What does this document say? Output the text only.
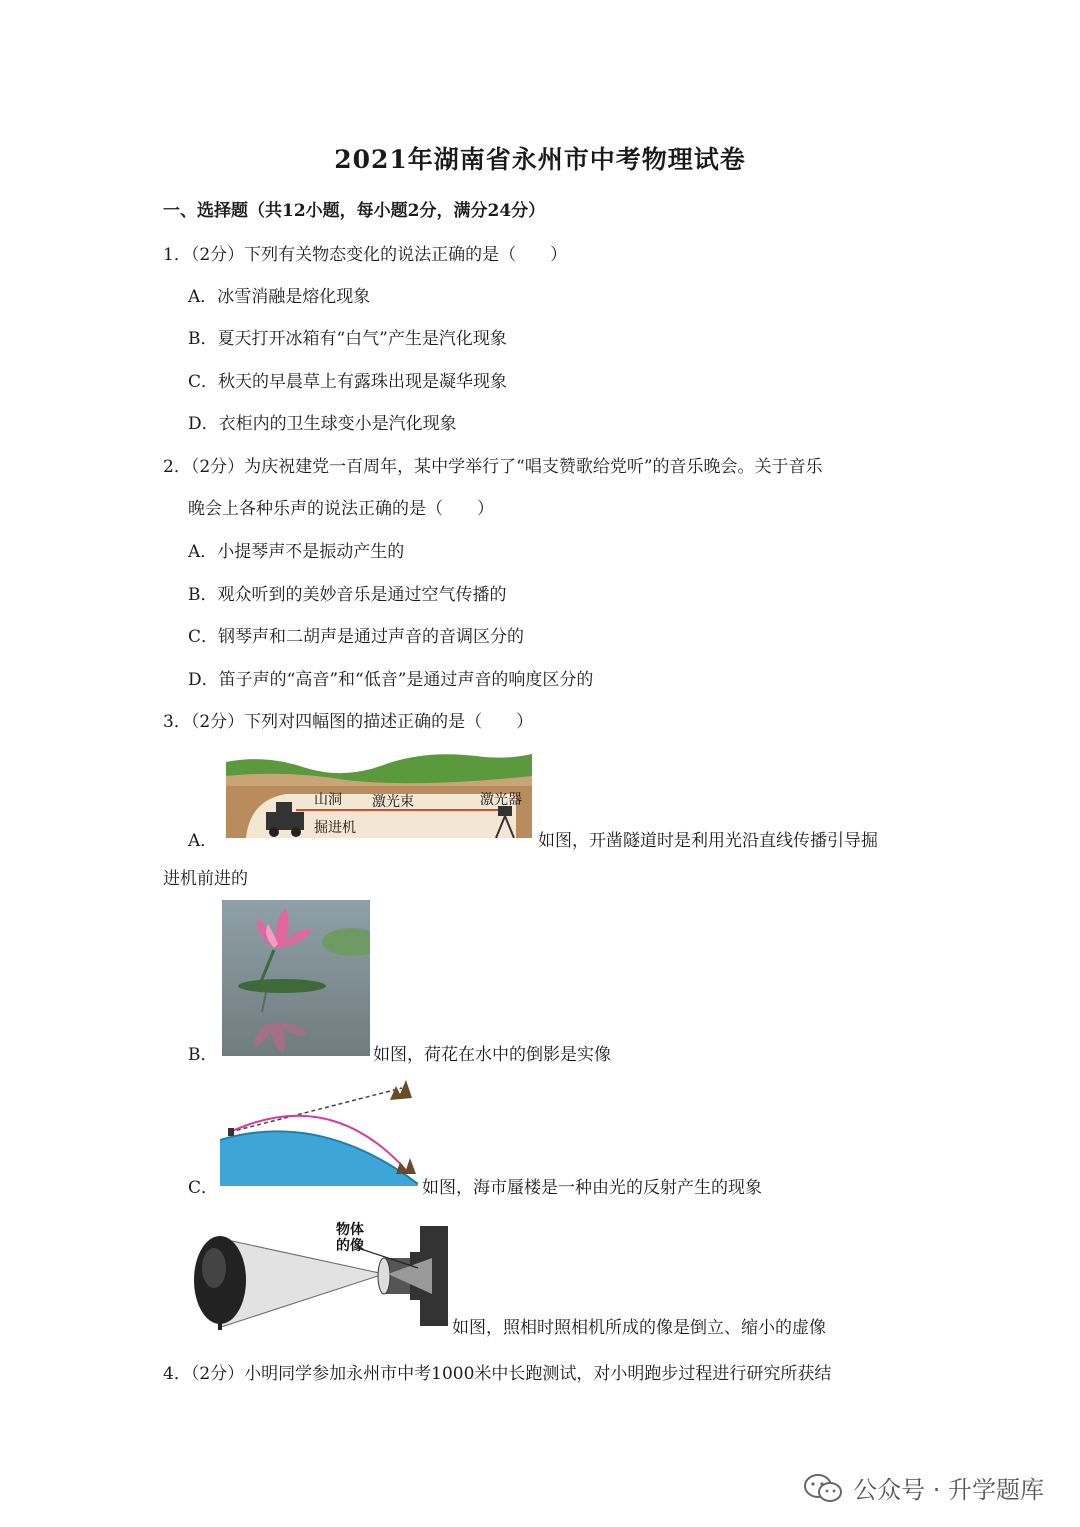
2021年湖南省永州市中考物理试卷
一、选择题（共12小题，每小题2分，满分24分）
1．（2分）下列有关物态变化的说法正确的是（　　）
A．冰雪消融是熔化现象
B．夏天打开冰箱有“白气”产生是汽化现象
C．秋天的早晨草上有露珠出现是凝华现象
D．衣柜内的卫生球变小是汽化现象
2．（2分）为庆祝建党一百周年，某中学举行了“唱支赞歌给党听”的音乐晚会。关于音乐
晚会上各种乐声的说法正确的是（　　）
A．小提琴声不是振动产生的
B．观众听到的美妙音乐是通过空气传播的
C．钢琴声和二胡声是通过声音的音调区分的
D．笛子声的“高音”和“低音”是通过声音的响度区分的
3．（2分）下列对四幅图的描述正确的是（　　）
A．
山洞 激光束	激光器
掘进机
如图，开凿隧道时是利用光沿直线传播引导掘
进机前进的
B．	如图，荷花在水中的倒影是实像
C．	如图，海市蜃楼是一种由光的反射产生的现象
物体
的像
如图，照相时照相机所成的像是倒立、缩小的虚像
4．（2分）小明同学参加永州市中考1000米中长跑测试，对小明跑步过程进行研究所获结
公众号 · 升学题库
